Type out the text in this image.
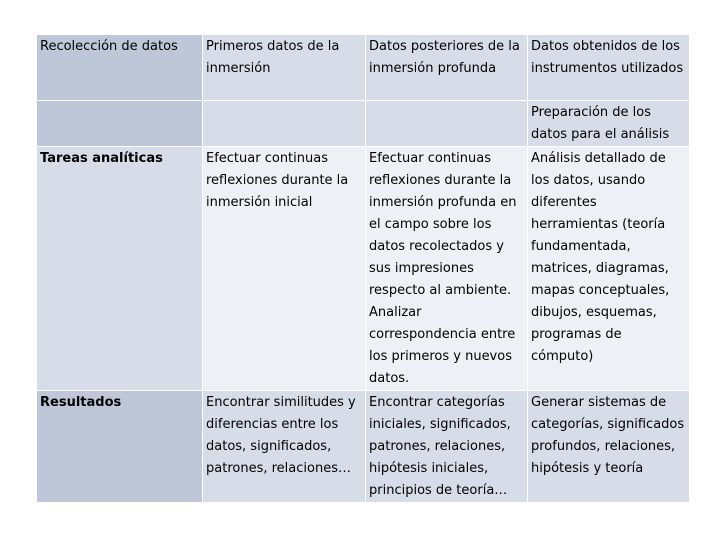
Recolección de datos	Primeros datos de la inmersión	Datos posteriores de la inmersión profunda	Datos obtenidos de los instrumentos utilizados

			Preparación de los datos para el análisis

Tareas analíticas	Efectuar continuas reflexiones durante la inmersión inicial	Efectuar continuas reflexiones durante la inmersión profunda en el campo sobre los datos recolectados y sus impresiones respecto al ambiente. Analizar correspondencia entre los primeros y nuevos datos.	Análisis detallado de los datos, usando diferentes herramientas (teoría fundamentada, matrices, diagramas, mapas conceptuales, dibujos, esquemas, programas de cómputo)

Resultados	Encontrar similitudes y diferencias entre los datos, significados, patrones, relaciones…	Encontrar categorías iniciales, significados, patrones, relaciones, hipótesis iniciales, principios de teoría…	Generar sistemas de categorías, significados profundos, relaciones, hipótesis y teoría
